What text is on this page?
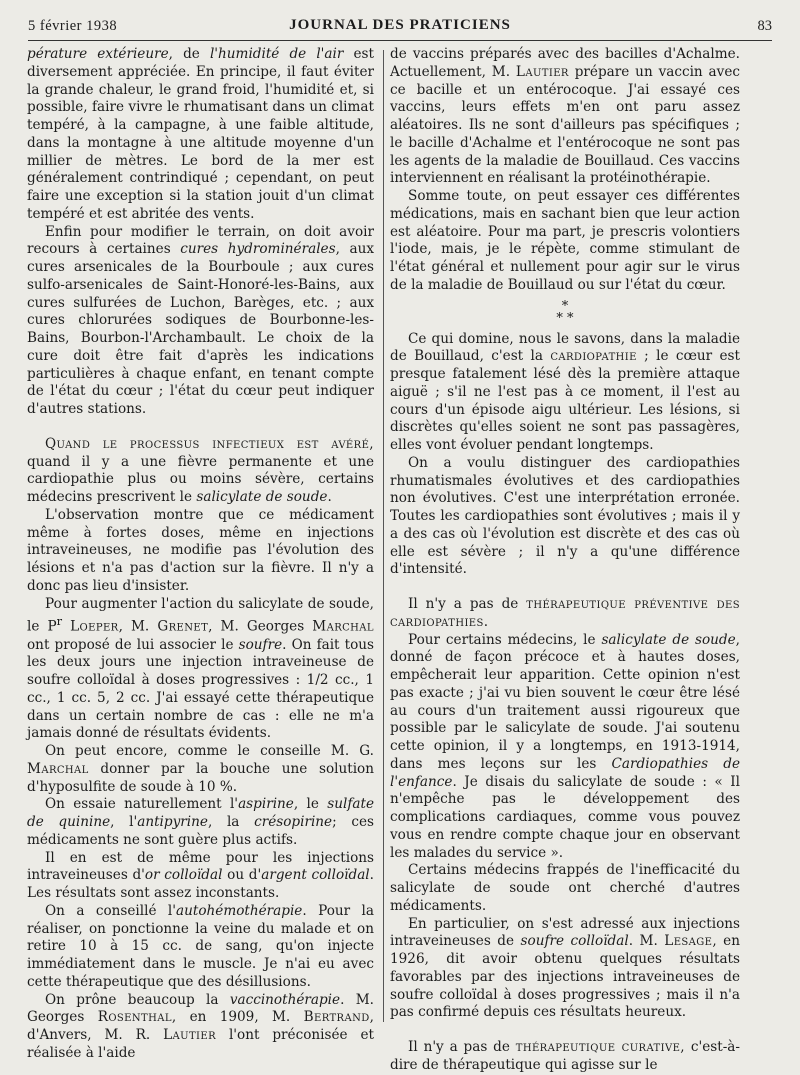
5 février 1938	JOURNAL DES PRATICIENS	83

pérature extérieure, de l'humidité de l'air est diversement appréciée. En principe, il faut éviter la grande chaleur, le grand froid, l'humidité et, si possible, faire vivre le rhumatisant dans un climat tempéré, à la campagne, à une faible altitude, dans la montagne à une altitude moyenne d'un millier de mètres. Le bord de la mer est généralement contrindiqué ; cependant, on peut faire une exception si la station jouit d'un climat tempéré et est abritée des vents.

Enfin pour modifier le terrain, on doit avoir recours à certaines cures hydrominérales, aux cures arsenicales de la Bourboule ; aux cures sulfo-arsenicales de Saint-Honoré-les-Bains, aux cures sulfurées de Luchon, Barèges, etc. ; aux cures chlorurées sodiques de Bourbonne-les-Bains, Bourbon-l'Archambault. Le choix de la cure doit être fait d'après les indications particulières à chaque enfant, en tenant compte de l'état du cœur ; l'état du cœur peut indiquer d'autres stations.

Quand le processus infectieux est avéré, quand il y a une fièvre permanente et une cardiopathie plus ou moins sévère, certains médecins prescrivent le salicylate de soude.

L'observation montre que ce médicament même à fortes doses, même en injections intraveineuses, ne modifie pas l'évolution des lésions et n'a pas d'action sur la fièvre. Il n'y a donc pas lieu d'insister.

Pour augmenter l'action du salicylate de soude, le $P^r$ Loeper, M. Grenet, M. Georges Marchal ont proposé de lui associer le soufre. On fait tous les deux jours une injection intraveineuse de soufre colloïdal à doses progressives : 1/2 cc., 1 cc., 1 cc. 5, 2 cc. J'ai essayé cette thérapeutique dans un certain nombre de cas : elle ne m'a jamais donné de résultats évidents.

On peut encore, comme le conseille M. G. Marchal donner par la bouche une solution d'hyposulfite de soude à 10 %.

On essaie naturellement l'aspirine, le sulfate de quinine, l'antipyrine, la crésopirine; ces médicaments ne sont guère plus actifs.

Il en est de même pour les injections intraveineuses d'or colloïdal ou d'argent colloïdal. Les résultats sont assez inconstants.

On a conseillé l'autohémothérapie. Pour la réaliser, on ponctionne la veine du malade et on retire 10 à 15 cc. de sang, qu'on injecte immédiatement dans le muscle. Je n'ai eu avec cette thérapeutique que des désillusions.

On prône beaucoup la vaccinothérapie. M. Georges Rosenthal, en 1909, M. Bertrand, d'Anvers, M. R. Lautier l'ont préconisée et réalisée à l'aide

de vaccins préparés avec des bacilles d'Achalme. Actuellement, M. Lautier prépare un vaccin avec ce bacille et un entérocoque. J'ai essayé ces vaccins, leurs effets m'en ont paru assez aléatoires. Ils ne sont d'ailleurs pas spécifiques ; le bacille d'Achalme et l'entérocoque ne sont pas les agents de la maladie de Bouillaud. Ces vaccins interviennent en réalisant la protéinothérapie.

Somme toute, on peut essayer ces différentes médications, mais en sachant bien que leur action est aléatoire. Pour ma part, je prescris volontiers l'iode, mais, je le répète, comme stimulant de l'état général et nullement pour agir sur le virus de la maladie de Bouillaud ou sur l'état du cœur.

*
* *

Ce qui domine, nous le savons, dans la maladie de Bouillaud, c'est la cardiopathie ; le cœur est presque fatalement lésé dès la première attaque aiguë ; s'il ne l'est pas à ce moment, il l'est au cours d'un épisode aigu ultérieur. Les lésions, si discrètes qu'elles soient ne sont pas passagères, elles vont évoluer pendant longtemps.

On a voulu distinguer des cardiopathies rhumatismales évolutives et des cardiopathies non évolutives. C'est une interprétation erronée. Toutes les cardiopathies sont évolutives ; mais il y a des cas où l'évolution est discrète et des cas où elle est sévère ; il n'y a qu'une différence d'intensité.

Il n'y a pas de thérapeutique préventive des cardiopathies.

Pour certains médecins, le salicylate de soude, donné de façon précoce et à hautes doses, empêcherait leur apparition. Cette opinion n'est pas exacte ; j'ai vu bien souvent le cœur être lésé au cours d'un traitement aussi rigoureux que possible par le salicylate de soude. J'ai soutenu cette opinion, il y a longtemps, en 1913-1914, dans mes leçons sur les Cardiopathies de l'enfance. Je disais du salicylate de soude : « Il n'empêche pas le développement des complications cardiaques, comme vous pouvez vous en rendre compte chaque jour en observant les malades du service ».

Certains médecins frappés de l'inefficacité du salicylate de soude ont cherché d'autres médicaments.

En particulier, on s'est adressé aux injections intraveineuses de soufre colloïdal. M. Lesage, en 1926, dit avoir obtenu quelques résultats favorables par des injections intraveineuses de soufre colloïdal à doses progressives ; mais il n'a pas confirmé depuis ces résultats heureux.

Il n'y a pas de thérapeutique curative, c'est-à-dire de thérapeutique qui agisse sur le
